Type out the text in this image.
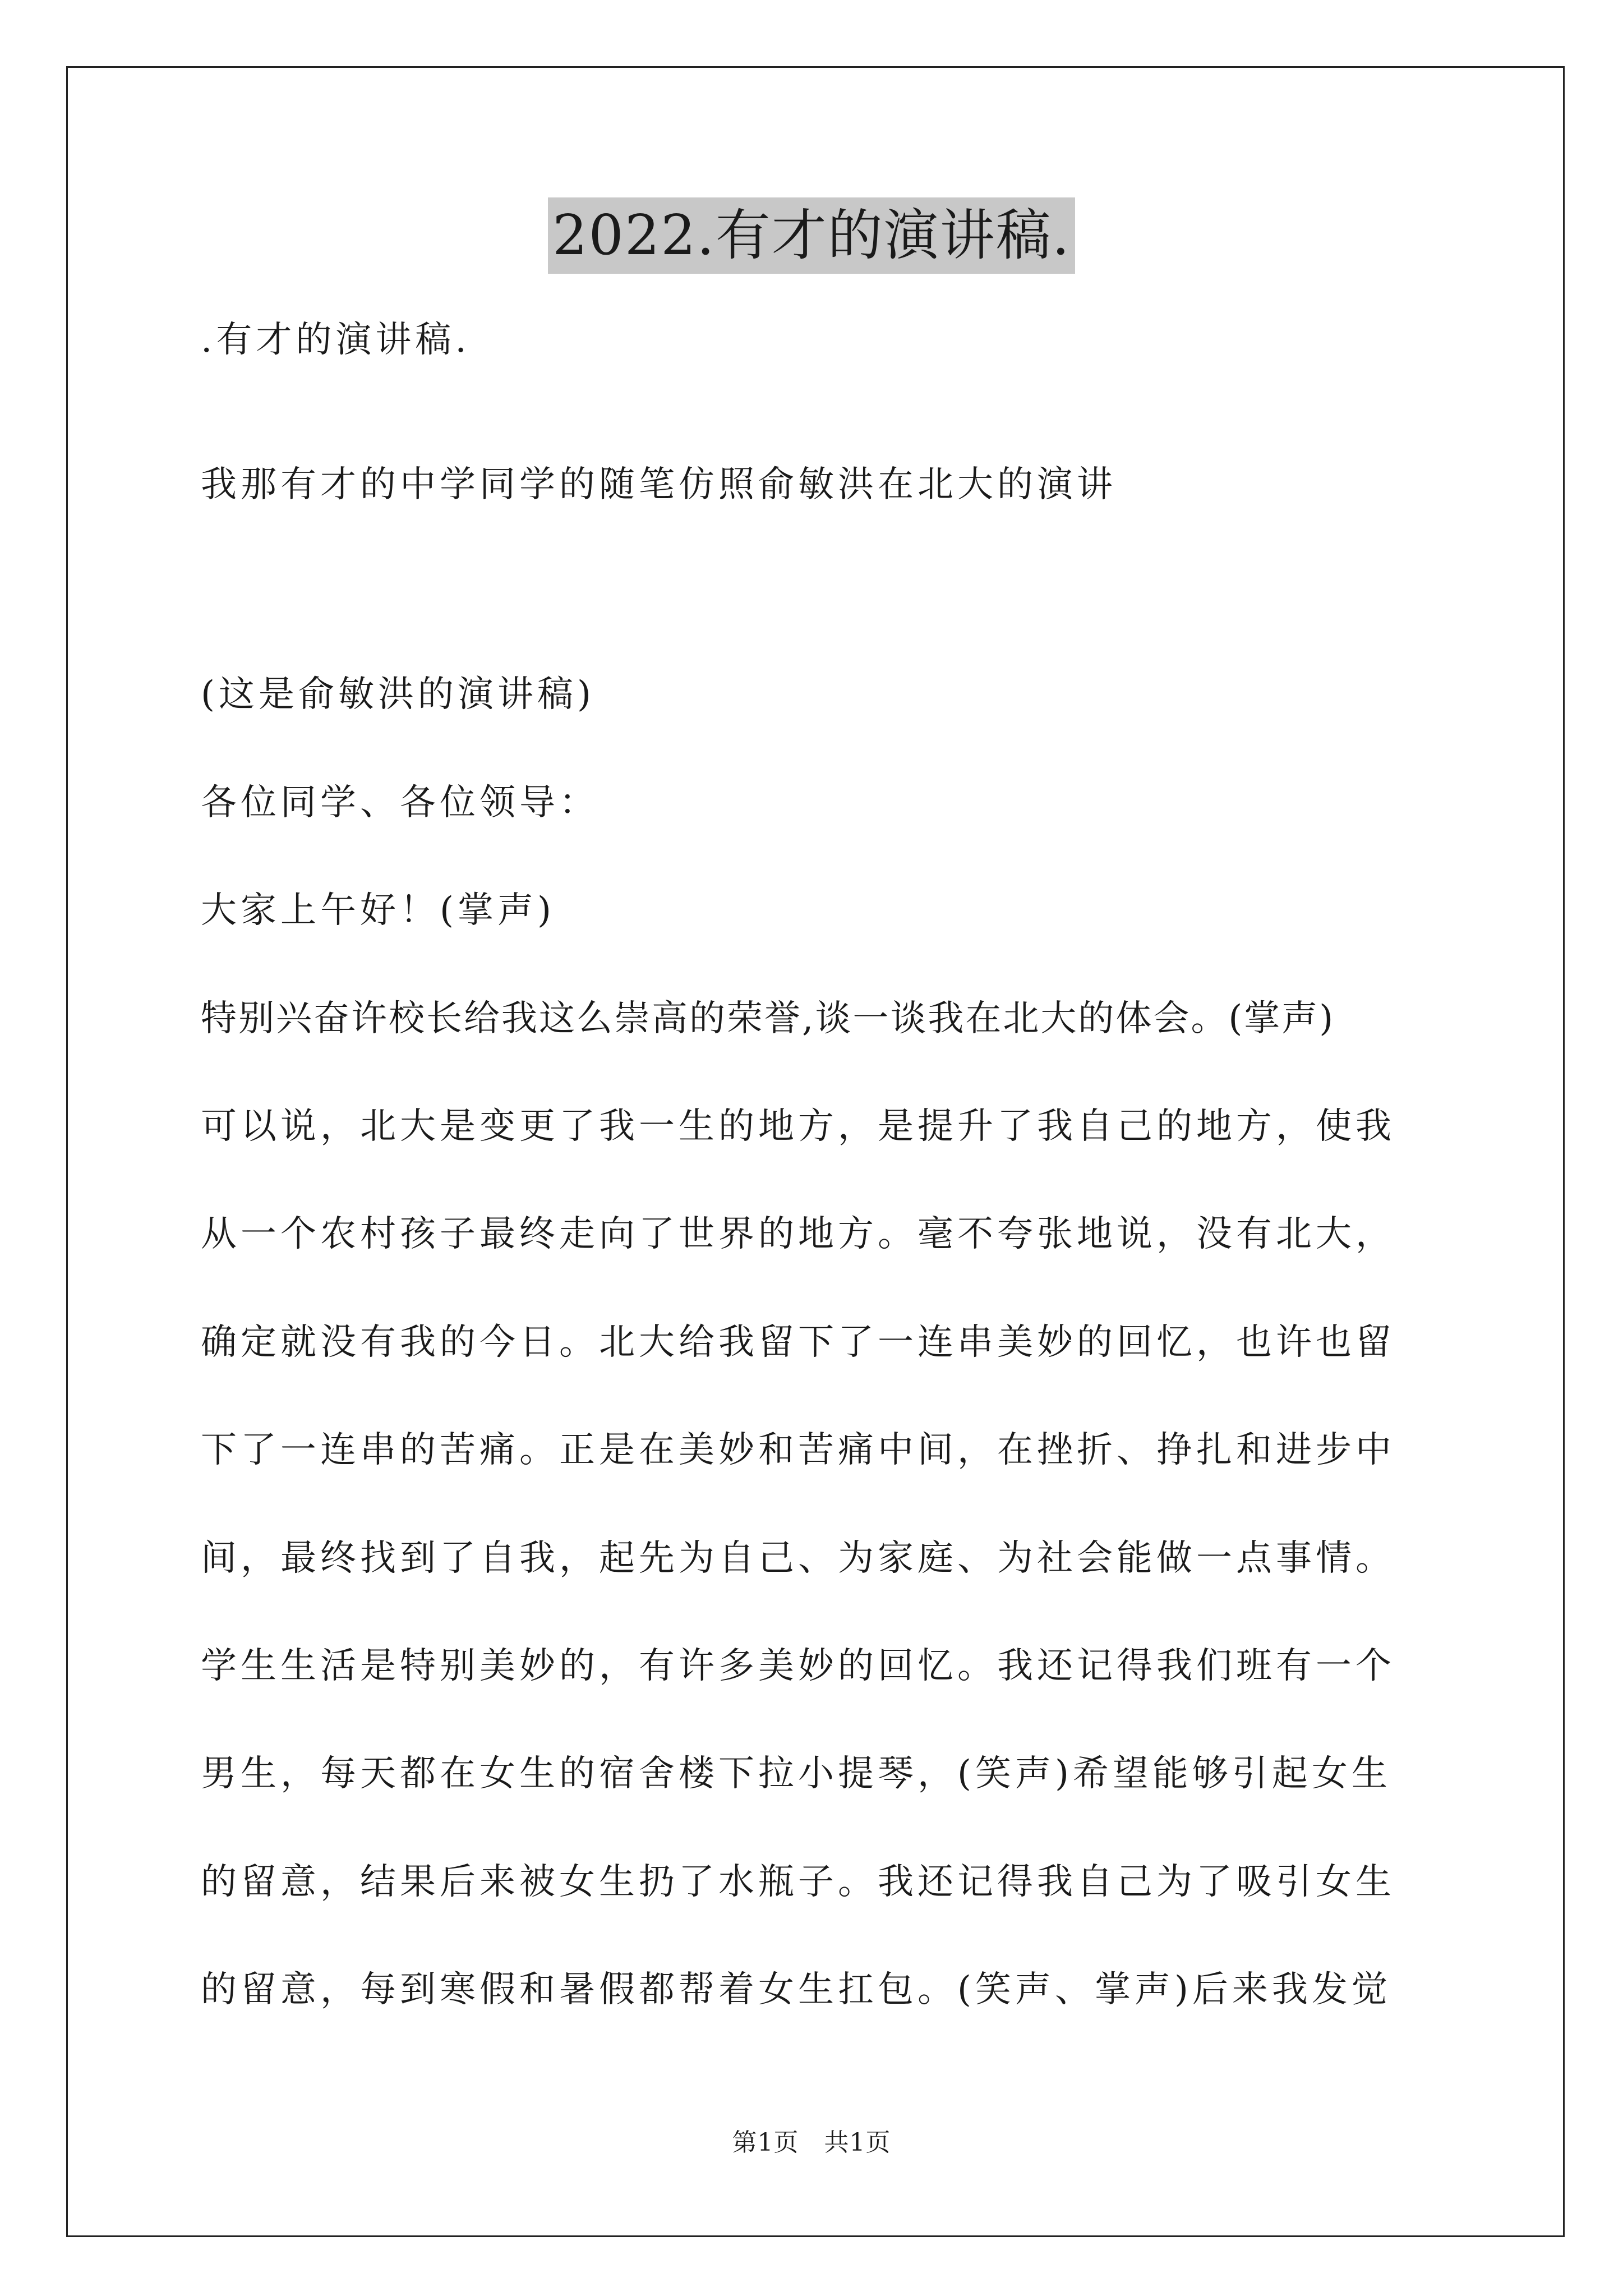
2022.有才的演讲稿.
.有才的演讲稿.
我那有才的中学同学的随笔仿照俞敏洪在北大的演讲
(这是俞敏洪的演讲稿)
各位同学、各位领导：
大家上午好！(掌声)
特别兴奋许校长给我这么崇高的荣誉,谈一谈我在北大的体会。(掌声)
可以说，北大是变更了我一生的地方，是提升了我自己的地方，使我
从一个农村孩子最终走向了世界的地方。毫不夸张地说，没有北大，
确定就没有我的今日。北大给我留下了一连串美妙的回忆，也许也留
下了一连串的苦痛。正是在美妙和苦痛中间，在挫折、挣扎和进步中
间，最终找到了自我，起先为自己、为家庭、为社会能做一点事情。
学生生活是特别美妙的，有许多美妙的回忆。我还记得我们班有一个
男生，每天都在女生的宿舍楼下拉小提琴，(笑声)希望能够引起女生
的留意，结果后来被女生扔了水瓶子。我还记得我自己为了吸引女生
的留意，每到寒假和暑假都帮着女生扛包。(笑声、掌声)后来我发觉
第1页　共1页
